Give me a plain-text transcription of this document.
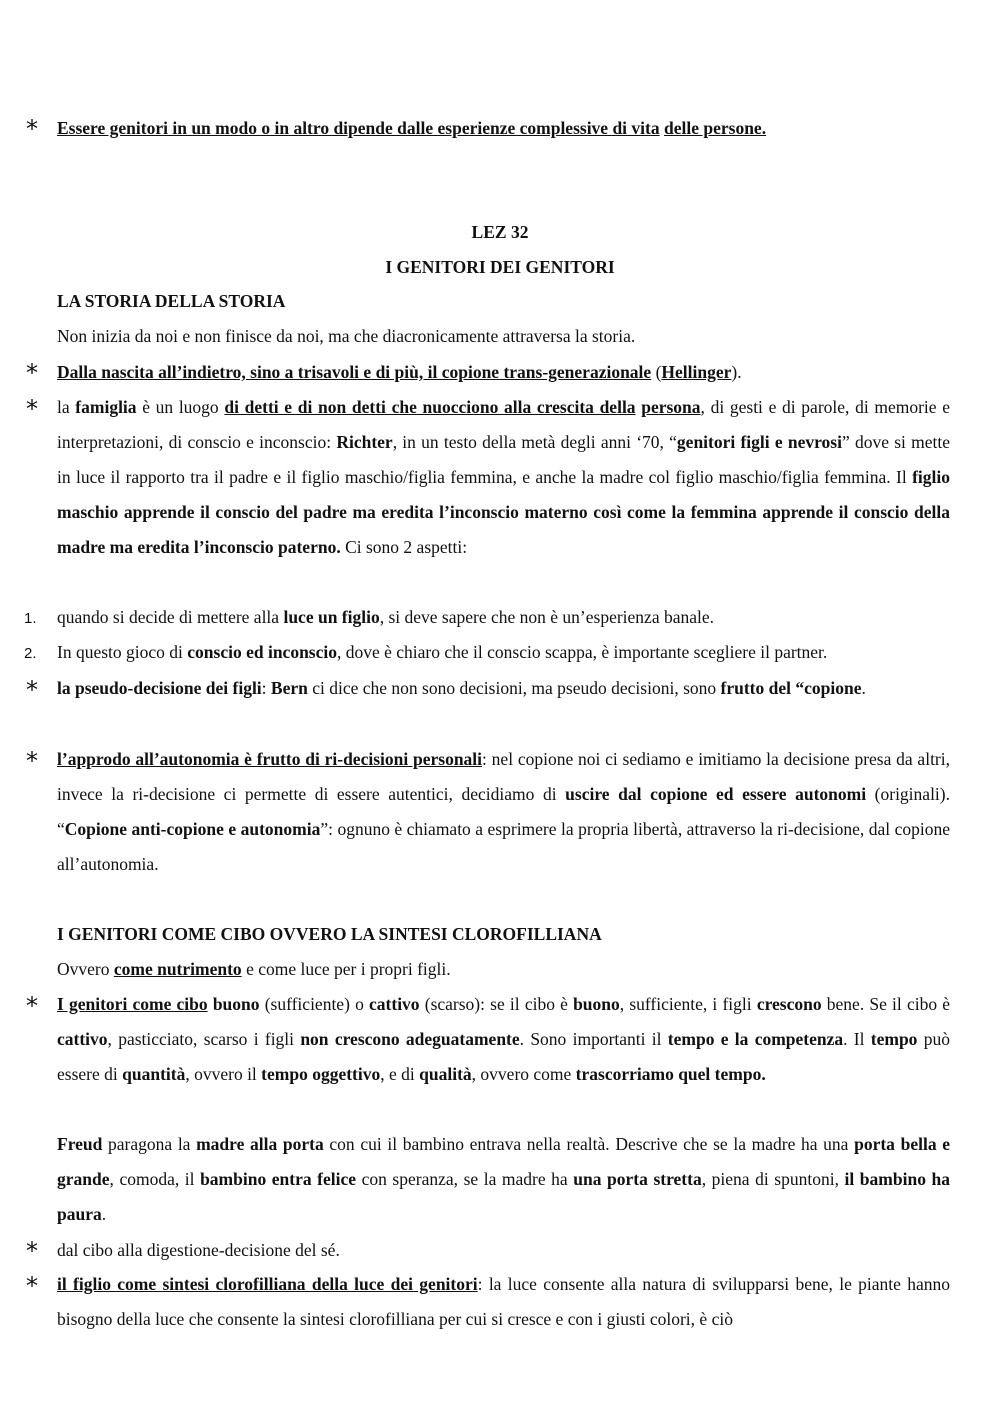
* Essere genitori in un modo o in altro dipende dalle esperienze complessive di vita delle persone.
LEZ 32
I GENITORI DEI GENITORI
LA STORIA DELLA STORIA
Non inizia da noi e non finisce da noi, ma che diacronicamente attraversa la storia.
* Dalla nascita all’indietro, sino a trisavoli e di più, il copione trans-generazionale (Hellinger).
* la famiglia è un luogo di detti e di non detti che nuocciono alla crescita della persona, di gesti e di parole, di memorie e interpretazioni, di conscio e inconscio: Richter, in un testo della metà degli anni ‘70, “genitori figli e nevrosi” dove si mette in luce il rapporto tra il padre e il figlio maschio/figlia femmina, e anche la madre col figlio maschio/figlia femmina. Il figlio maschio apprende il conscio del padre ma eredita l’inconscio materno così come la femmina apprende il conscio della madre ma eredita l’inconscio paterno. Ci sono 2 aspetti:
1. quando si decide di mettere alla luce un figlio, si deve sapere che non è un’esperienza banale.
2. In questo gioco di conscio ed inconscio, dove è chiaro che il conscio scappa, è importante scegliere il partner.
* la pseudo-decisione dei figli: Bern ci dice che non sono decisioni, ma pseudo decisioni, sono frutto del “copione.
* l’approdo all’autonomia è frutto di ri-decisioni personali: nel copione noi ci sediamo e imitiamo la decisione presa da altri, invece la ri-decisione ci permette di essere autentici, decidiamo di uscire dal copione ed essere autonomi (originali). “Copione anti-copione e autonomia”: ognuno è chiamato a esprimere la propria libertà, attraverso la ri-decisione, dal copione all’autonomia.
I GENITORI COME CIBO OVVERO LA SINTESI CLOROFILLIANA
Ovvero come nutrimento e come luce per i propri figli.
* I genitori come cibo buono (sufficiente) o cattivo (scarso): se il cibo è buono, sufficiente, i figli crescono bene. Se il cibo è cattivo, pasticciato, scarso i figli non crescono adeguatamente. Sono importanti il tempo e la competenza. Il tempo può essere di quantità, ovvero il tempo oggettivo, e di qualità, ovvero come trascorriamo quel tempo.
Freud paragona la madre alla porta con cui il bambino entrava nella realtà. Descrive che se la madre ha una porta bella e grande, comoda, il bambino entra felice con speranza, se la madre ha una porta stretta, piena di spuntoni, il bambino ha paura.
* dal cibo alla digestione-decisione del sé.
* il figlio come sintesi clorofilliana della luce dei genitori: la luce consente alla natura di svilupparsi bene, le piante hanno bisogno della luce che consente la sintesi clorofilliana per cui si cresce e con i giusti colori, è ciò
